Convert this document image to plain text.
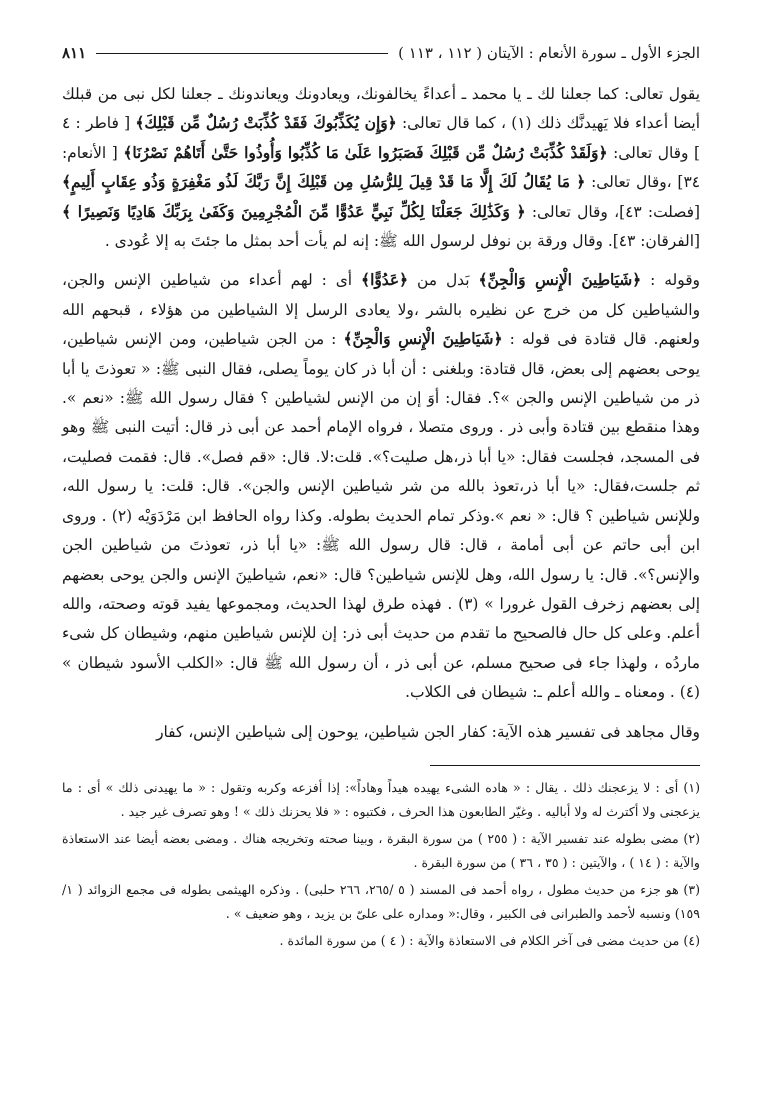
الجزء الأول ـ سورة الأنعام : الآيتان ( ١١٢ ، ١١٣ )
٨١١

يقول تعالى: كما جعلنا لك ـ يا محمد ـ أعداءً يخالفونك، ويعادونك ويعاندونك ـ جعلنا لكل نبى من قبلك أيضا أعداء فلا يَهيدنَّك ذلك (١) ، كما قال تعالى: ﴿وَإِن يُكَذِّبُوكَ فَقَدْ كُذِّبَتْ رُسُلٌ مِّن قَبْلِكَ﴾ [ فاطر : ٤ ] وقال تعالى: ﴿وَلَقَدْ كُذِّبَتْ رُسُلٌ مِّن قَبْلِكَ فَصَبَرُوا عَلَىٰ مَا كُذِّبُوا وَأُوذُوا حَتَّىٰ أَتَاهُمْ نَصْرُنَا﴾ [ الأنعام: ٣٤] ،وقال تعالى: ﴿ مَا يُقَالُ لَكَ إِلَّا مَا قَدْ قِيلَ لِلرُّسُلِ مِن قَبْلِكَ إِنَّ رَبَّكَ لَذُو مَغْفِرَةٍ وَذُو عِقَابٍ أَلِيمٍ﴾ [فصلت: ٤٣]، وقال تعالى: ﴿ وَكَذَٰلِكَ جَعَلْنَا لِكُلِّ نَبِيٍّ عَدُوًّا مِّنَ الْمُجْرِمِينَ وَكَفَىٰ بِرَبِّكَ هَادِيًا وَنَصِيرًا ﴾ [الفرقان: ٤٣]. وقال ورقة بن نوفل لرسول الله ﷺ: إنه لم يأت أحد بمثل ما جئتَ به إلا عُودى .

وقوله : ﴿شَيَاطِينَ الْإِنسِ وَالْجِنِّ﴾ بَدل من ﴿عَدُوًّا﴾ أى : لهم أعداء من شياطين الإنس والجن، والشياطين كل من خرج عن نظيره بالشر ،ولا يعادى الرسل إلا الشياطين من هؤلاء ، قبحهم الله ولعنهم. قال قتادة فى قوله : ﴿شَيَاطِينَ الْإِنسِ وَالْجِنِّ﴾ : من الجن شياطين، ومن الإنس شياطين، يوحى بعضهم إلى بعض، قال قتادة: وبلغنى : أن أبا ذر كان يوماً يصلى، فقال النبى ﷺ: « تعوذتَ يا أبا ذر من شياطين الإنس والجن »؟. فقال: أوَ إن من الإنس لشياطين ؟ فقال رسول الله ﷺ: «نعم ». وهذا منقطع بين قتادة وأبى ذر . وروى متصلا ، فرواه الإمام أحمد عن أبى ذر قال: أتيت النبى ﷺ وهو فى المسجد، فجلست فقال: «يا أبا ذر،هل صليت؟». قلت:لا. قال: «قم فصل». قال: فقمت فصليت، ثم جلست،فقال: «يا أبا ذر،تعوذ بالله من شر شياطين الإنس والجن». قال: قلت: يا رسول الله، وللإنس شياطين ؟ قال: « نعم ».وذكر تمام الحديث بطوله. وكذا رواه الحافظ ابن مَرْدَوَيْه (٢) . وروى ابن أبى حاتم عن أبى أمامة ، قال: قال رسول الله ﷺ: «يا أبا ذر، تعوذتَ من شياطين الجن والإنس؟». قال: يا رسول الله، وهل للإنس شياطين؟ قال: «نعم، شياطينَ الإنس والجن يوحى بعضهم إلى بعضهم زخرف القول غرورا » (٣) . فهذه طرق لهذا الحديث، ومجموعها يفيد قوته وصحته، والله أعلم. وعلى كل حال فالصحيح ما تقدم من حديث أبى ذر: إن للإنس شياطين منهم، وشيطان كل شىء ماردُه ، ولهذا جاء فى صحيح مسلم، عن أبى ذر ، أن رسول الله ﷺ قال: «الكلب الأسود شيطان » (٤) . ومعناه ـ والله أعلم ـ: شيطان فى الكلاب.

وقال مجاهد فى تفسير هذه الآية: كفار الجن شياطين، يوحون إلى شياطين الإنس، كفار

(١) أى : لا يزعجنك ذلك . يقال : « هاده الشىء يهيده هيداً وهاداً»: إذا أفزعه وكربه وتقول : « ما يهيدنى ذلك » أى : ما يزعجنى ولا أكترث له ولا أباليه . وغيّر الطابعون هذا الحرف ، فكتبوه : « فلا يحزنك ذلك » ! وهو تصرف غير جيد .

(٢) مضى بطوله عند تفسير الآية : ( ٢٥٥ ) من سورة البقرة ، وبينا صحته وتخريجه هناك . ومضى بعضه أيضا عند الاستعاذة والآية : ( ١٤ ) ، والآيتين : ( ٣٥ ، ٣٦ ) من سورة البقرة .

(٣) هو جزء من حديث مطول ، رواه أحمد فى المسند ( ٥ /٢٦٥، ٢٦٦ حلبى) . وذكره الهيثمى بطوله فى مجمع الزوائد ( ١/ ١٥٩) ونسبه لأحمد والطبرانى فى الكبير ، وقال:« ومداره على علىّ بن يزيد ، وهو ضعيف » .

(٤) من حديث مضى فى آخر الكلام فى الاستعاذة والآية : ( ٤ ) من سورة المائدة .
